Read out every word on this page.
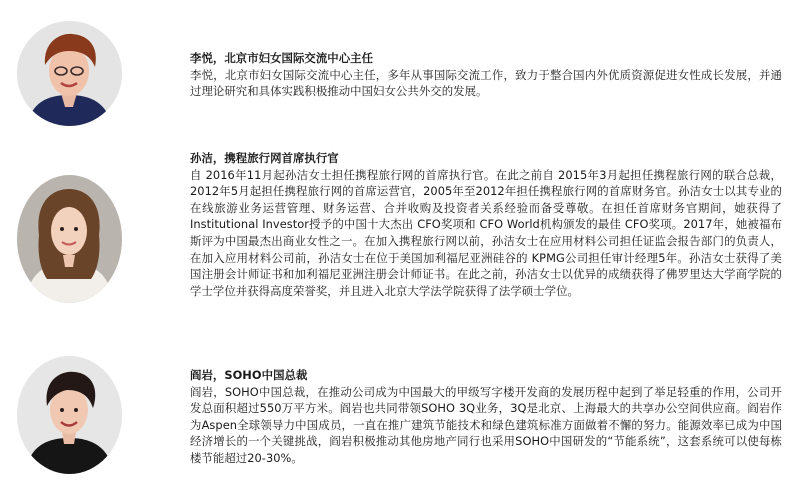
李悦，北京市妇女国际交流中心主任
李悦，北京市妇女国际交流中心主任，多年从事国际交流工作，致力于整合国内外优质资源促进女性成长发展，并通过理论研究和具体实践积极推动中国妇女公共外交的发展。
孙洁，携程旅行网首席执行官
自 2016年11月起孙洁女士担任携程旅行网的首席执行官。在此之前自 2015年3月起担任携程旅行网的联合总裁，2012年5月起担任携程旅行网的首席运营官，2005年至2012年担任携程旅行网的首席财务官。孙洁女士以其专业的在线旅游业务运营管理、财务运营、合并收购及投资者关系经验而备受尊敬。在担任首席财务官期间，她获得了 Institutional Investor授予的中国十大杰出 CFO奖项和 CFO World机构颁发的最佳 CFO奖项。2017年，她被福布斯评为中国最杰出商业女性之一。在加入携程旅行网以前，孙洁女士在应用材料公司担任证监会报告部门的负责人，在加入应用材料公司前，孙洁女士在位于美国加利福尼亚洲硅谷的 KPMG公司担任审计经理5年。孙洁女士获得了美国注册会计师证书和加利福尼亚洲注册会计师证书。在此之前，孙洁女士以优异的成绩获得了佛罗里达大学商学院的学士学位并获得高度荣誉奖，并且进入北京大学法学院获得了法学硕士学位。
阎岩，SOHO中国总裁
阎岩，SOHO中国总裁，在推动公司成为中国最大的甲级写字楼开发商的发展历程中起到了举足轻重的作用，公司开发总面积超过550万平方米。阎岩也共同带领SOHO 3Q业务，3Q是北京、上海最大的共享办公空间供应商。阎岩作为Aspen全球领导力中国成员，一直在推广建筑节能技术和绿色建筑标准方面做着不懈的努力。能源效率已成为中国经济增长的一个关键挑战，阎岩积极推动其他房地产同行也采用SOHO中国研发的“节能系统”，这套系统可以使每栋楼节能超过20-30%。
